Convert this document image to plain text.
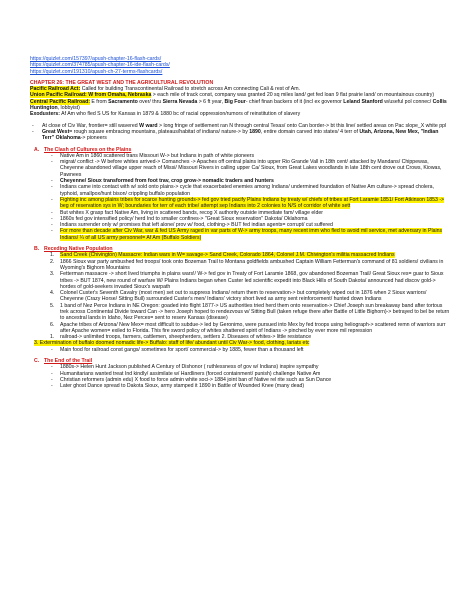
https://quizlet.com/157397/apush-chapter-16-flash-cards/
https://quizlet.com/374785/apush-chapter-16-ide-flash-cards/
https://quizlet.com/191310/apush-ch-27-terms-flashcards/
CHAPTER 26: THE GREAT WEST AND THE AGRICULTURAL REVOLUTION

Pacific Railroad Act: Called for building Transcontinental Railroad to stretch across Am connecting Cali & rest of Am.

Union Pacific Railroad: W from Omaha, Nebraska > each mile of track const, company was granted 20 sq miles land/ get fed loan 9 flat prairie land/ on mountainous country)

Central Pacific Railroad: E from Sacramento over/ thru Sierra Nevada > 6 ft year, Big Four- chief finan backers of it (incl ex governor Leland Stanford w/useful pol connec/ Collis Huntington, lobbyist)

Exodusters: Af Am who fled S US for Kansas in 1879 & 1880 bc of racial oppression/rumors of reinstitution of slavery

- At close of Civ War, frontier= still wavered W ward > long fringe of settlement ran N through central Texas/ onto Can border-> bt this line/ settled areas on Pac slope_X white ppl

- Great West= rough square embracing mountains, plateaus/habitat of indians/ nature-> by 1890, entire domain carved into states/ 4 terr of Utah, Arizona, New Mex, "Indian Terr" Oklahoma-> pioneers

A. The Clash of Cultures on the Plains

- Native Am in 1860 scattered trans Missouri W-> but Indians in path of white pioneers

- migrat/ conflict -> W before whites arrived-> Comanches -> Apaches off central plains into upper Rio Grande Vall in 18th cent/ attacked by Mandans/ Chippewas, Cheyenne abandoned village upper reach of Missi/ Missouri Rivers in calling upper Ca/ Sioux, from Great Lakes woodlands in late 18th cent drove out Crows, Kiowas, Pawnees

- Cheyenne/ Sioux transformed from foot trav, crop grow-> nomadic traders and hunters

- Indians came into contact with w/ sold onto plains-> cycle that exacerbated enemies among Indians/ undermined foundation of Native Am culture-> spread cholera, typhoid, smallpox/hunt bison/ crippling buffalo population

- Fighting inc among plains tribes for scarce hunting grounds-> fed gov tried pacify Plains Indians by treaty w/ chiefs of tribes at Fort Laramie 1851/ Fort Atkinson 1853 -> beg of reservation sys in W; boundaries for terr of each tribe/ attempt sep Indians into 2 colonies to N/S of corridor of white sett

- But whites X grasp fact Native Am, living in scattered bands, recog X authority outside immediate fam/ village elder

- 1860s fed gov intensified policy/ herd Ind to smaller confines-> "Great Sioux reservation" Dakota/ Oklahoma

- Indians surrender only w/ promises that left alone/ prov w/ food, clothing-> BUT fed indian agents= corrupt/ cut suffered

- For more than decade after Civ War, war & fed US Army raged in var parts of W-> army troops, many recent imm who fled to avoid mil service, met adversary in Plains Indians/ ¼ of all US army personnel= Af Am (Buffalo Soldiers)

B. Receding Native Population

1. Sand Creek (Chivington) Massacre: Indian wars in W= savage-> Sand Creek, Colorado 1864, Colonel J.M. Chivington's militia massacred Indians

2. 1866 Sioux war party ambushed fed troops/ took onto Bozeman Trail to Montana goldfields ambushed Captain William Fetterman's command of 81 soldiers/ civilians in Wyoming's Bighorn Mountains

3. Fetterman massacre -> short lived triumphs in plains wars!/ W-> fed gov in Treaty of Fort Laramie 1868, gov abandoned Bozeman Trail/ Great Sioux res= guar to Sioux tribes -> BUT 1874, new round of warfare W/ Plains Indians began when Custer led scientific expedit into Black Hills of South Dakota/ announced had discov gold-> hordes of gold-seekers invaded Sioux's warpath

4. Colonel Custer's Seventh Cavalry (most men) set out to suppress Indians/ return them to reservation-> but completely wiped out in 1876 when 2 Sioux warriors/ Cheyenne (Crazy Horse/ Sitting Bull) surrounded Custer's men/ Indians' victory short lived as army sent reinforcement/ hunted down Indians

5. 1 band of Nez Perce Indians in NE Oregon: goaded into flight 1877-> US authorities tried herd them onto reservation-> Chief Joseph sun breakaway band after tortous trek across Continental Divide toward Can -> hero Joseph hoped to rendezvous w/ Sitting Bull (taken refuge there after Battle of Little Bighorn)-> betrayed to bel be return to ancestral lands in Idaho, Nez Perces= sent to reserv Kansas (disease)

6. Apache tribes of Arizona/ New Mex= most difficult to subdue-> led by Geronimo, were pursued into Mex by fed troops using heliograph-> scattered remn of warriors surr after Apache women= exiled to Florida. This fire sword policy of whites shattered spirit of Indians -> pinched by ever more mil repression

1. railroad-> unlimited troops, farmers, cattlemen, sheepherders, settlers 2. Diseases of whites-> little resistance

3. Extermination of buffalo doomed nomadic life-> Buffalo: staff of life/ abundant until Civ War-> food, clothing, lariats etc

- Main food for railroad const gangs/ sometimes for sport/ commercial-> by 1885, fewer than a thousand left

C. The End of the Trail

- 1880s-> Helen Hunt Jackson published A Century of Dishonor ( ruthlessness of gov w/ Indians) inspire sympathy

- Humanitarians wanted treat Ind kindly/ assimilate w/ Hardliners (forced containment/ punish) challenge Native Am

- Christian reformers (admin edu) X food to force admin white soci-> 1884 joint ban of Native rel rite such as Sun Dance

- Later ghost Dance spread to Dakota Sioux, army stamped it 1890 in Battle of Wounded Knee (many dead)
